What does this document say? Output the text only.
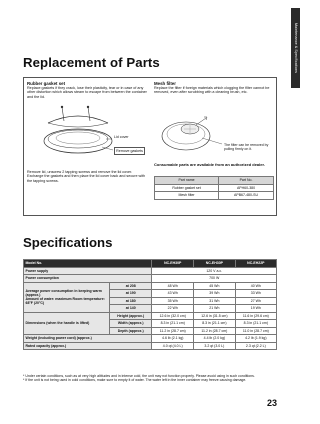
Maintenance & Specifications
Replacement of Parts
Rubber gasket set
Replace gaskets if they crack, lose their plasticity, tear or in case of any other distortion which allows steam to escape from between the container and the lid.
Lid cover
Remove gaskets
Remove lid, unscrew 2 tapping screws and remove the lid cover. Exchange the gaskets and then place the lid cover back and secure with the tapping screws.
Mesh filter
Replace the filter if foreign materials which clogging the filter cannot be removed, even after scrubbing with a cleaning brush, etc.
The filter can be removed by pulling firmly on it.
Consumable parts are available from an authorized dealer.
Part name	Part No.
Rubber gasket set	APH60-380
Mesh filter	APB67-480-SU
Specifications
Model No.		NC-EH30P	NC-EH30P	NC-EH22P
Power supply		120 V a.c.		
Power consumption		700 W		
Average power consumption in keeping warm (approx.)
Amount of water: maximum Room temperature: 68°F (20°C)	at 208	48 Wh	45 Wh	40 Wh
	at 190	43 Wh	39 Wh	33 Wh
	at 180	35 Wh	31 Wh	27 Wh
	at 140	22 Wh	21 Wh	19 Wh
Dimensions (when the handle is lifted)	Height (approx.)	12.6 in (32.0 cm)	12.6 in (31.5 cm)	11.6 in (29.6 cm)
	Width (approx.)	8.3 in (21.1 cm)	8.3 in (21.1 cm)	8.3 in (21.1 cm)
	Depth (approx.)	11.2 in (28.7 cm)	11.2 in (28.7 cm)	11.0 in (28.7 cm)
Weight (including power cord) (approx.)		4.6 lb (2.1 kg)	4.4 lb (2.0 kg)	4.2 lb (1.9 kg)
Rated capacity (approx.)		4.0 qt (4.0 L)	3.2 qt (3.0 L)	2.3 qt (2.2 L)
* Under certain conditions, such as at very high altitudes and in intense cold, the unit may not function properly. Please avoid using in such conditions.
* If the unit is not being used in cold conditions, make sure to empty it of water. The water left in the inner container may freeze causing damage.
23
